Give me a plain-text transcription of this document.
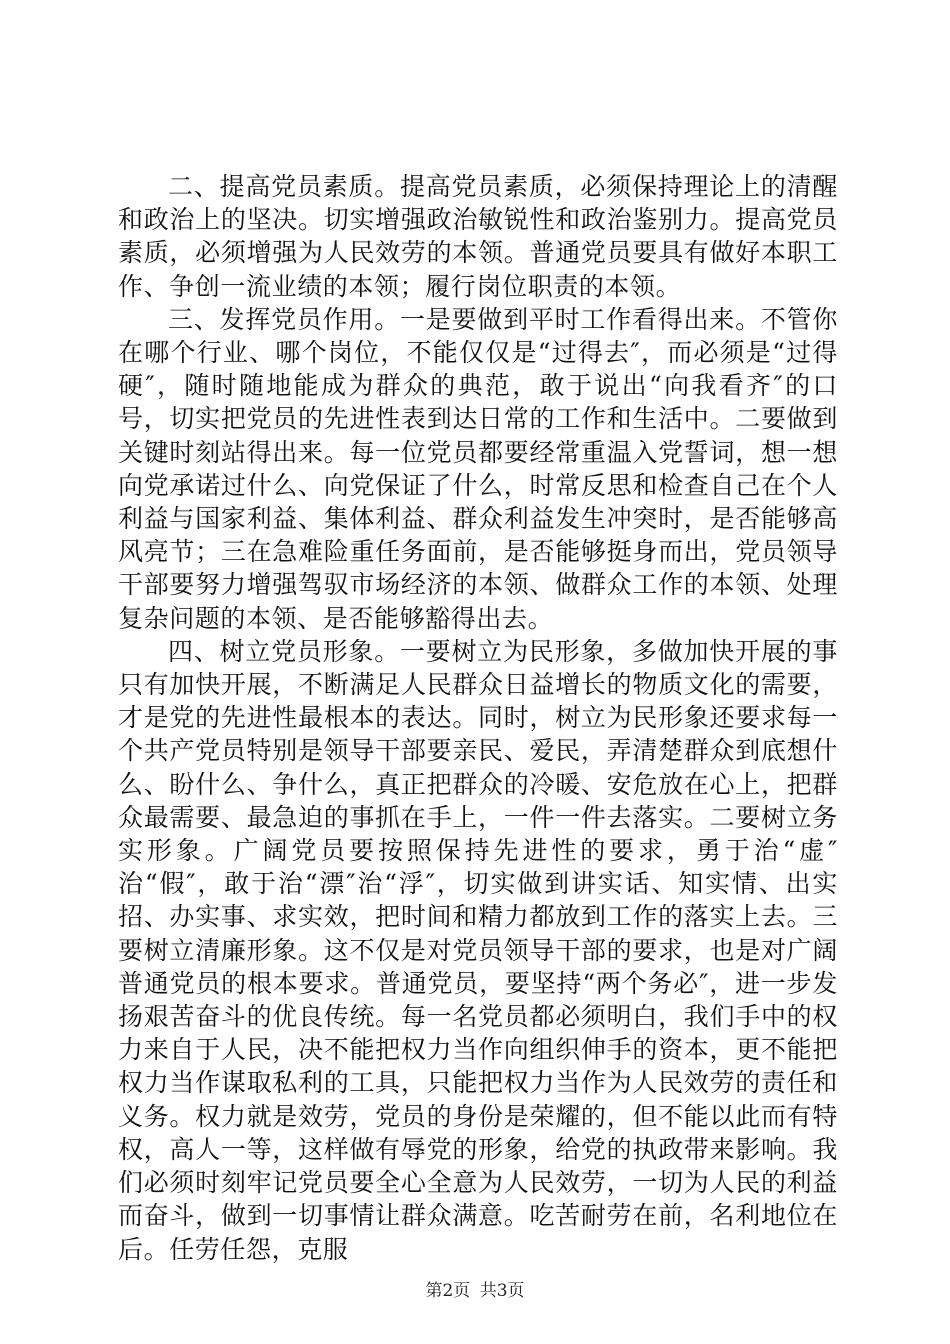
二、提高党员素质。提高党员素质，必须保持理论上的清醒和政治上的坚决。切实增强政治敏锐性和政治鉴别力。提高党员素质，必须增强为人民效劳的本领。普通党员要具有做好本职工作、争创一流业绩的本领；履行岗位职责的本领。

三、发挥党员作用。一是要做到平时工作看得出来。不管你在哪个行业、哪个岗位，不能仅仅是“过得去″，而必须是“过得硬″，随时随地能成为群众的典范，敢于说出“向我看齐″的口号，切实把党员的先进性表到达日常的工作和生活中。二要做到关键时刻站得出来。每一位党员都要经常重温入党誓词，想一想向党承诺过什么、向党保证了什么，时常反思和检查自己在个人利益与国家利益、集体利益、群众利益发生冲突时，是否能够高风亮节；三在急难险重任务面前，是否能够挺身而出，党员领导干部要努力增强驾驭市场经济的本领、做群众工作的本领、处理复杂问题的本领、是否能够豁得出去。

四、树立党员形象。一要树立为民形象，多做加快开展的事只有加快开展，不断满足人民群众日益增长的物质文化的需要，才是党的先进性最根本的表达。同时，树立为民形象还要求每一个共产党员特别是领导干部要亲民、爱民，弄清楚群众到底想什么、盼什么、争什么，真正把群众的冷暖、安危放在心上，把群众最需要、最急迫的事抓在手上，一件一件去落实。二要树立务实形象。广阔党员要按照保持先进性的要求，勇于治“虚″治“假″，敢于治“漂″治“浮″，切实做到讲实话、知实情、出实招、办实事、求实效，把时间和精力都放到工作的落实上去。三要树立清廉形象。这不仅是对党员领导干部的要求，也是对广阔普通党员的根本要求。普通党员，要坚持“两个务必″，进一步发扬艰苦奋斗的优良传统。每一名党员都必须明白，我们手中的权力来自于人民，决不能把权力当作向组织伸手的资本，更不能把权力当作谋取私利的工具，只能把权力当作为人民效劳的责任和义务。权力就是效劳，党员的身份是荣耀的，但不能以此而有特权，高人一等，这样做有辱党的形象，给党的执政带来影响。我们必须时刻牢记党员要全心全意为人民效劳，一切为人民的利益而奋斗，做到一切事情让群众满意。吃苦耐劳在前，名利地位在后。任劳任怨，克服

第2页 共3页
